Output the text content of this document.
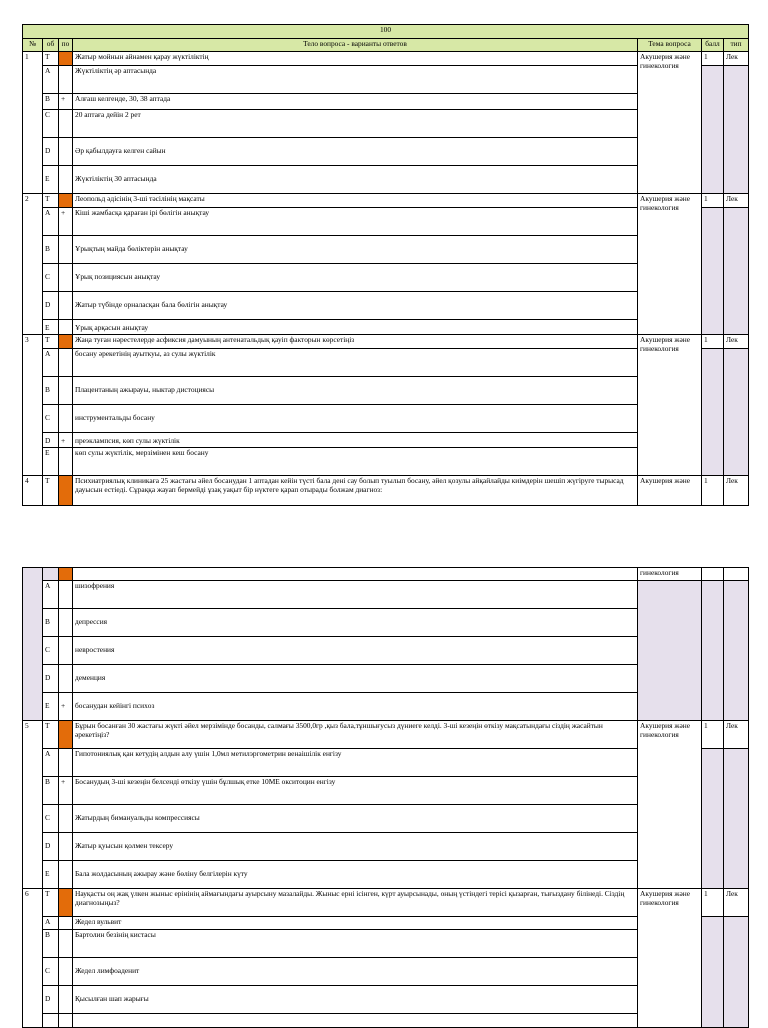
100						
№	об	по	Тело вопроса - варианты ответов	Тема вопроса	балл	тип
1	T		Жатыр мойнын айнамен қарау жүктіліктің	Акушерия және гинекология	1	Лек
	A		Жүктіліктің әр аптасында			
	B	+	Алғаш келгенде, 30, 38 аптада			
	C		20 аптаға дейін 2 рет			
	D		Әр қабылдауға келген сайын			
	E		Жүктіліктің 30 аптасында			
2	T		Леопольд әдісінің 3-ші тәсілінің мақсаты	Акушерия және гинекология	1	Лек
	A	+	Кіші жамбасқа қараған ірі бөлігін анықтау			
	B		Ұрықтың майда бөліктерін анықтау			
	C		Ұрық позициясын анықтау			
	D		Жатыр түбінде орналасқан бала бөлігін анықтау			
	E		Ұрық арқасын анықтау			
3	T		Жаңа туған нәрестелерде асфиксия дамуының антенатальдық қауіп факторын көрсетіңіз	Акушерия және гинекология	1	Лек
	A		босану әрекетінің ауыткуы, аз сулы жүктілік			
	B		Плацентаның ажырауы, ныктар дистоциясы			
	C		инструментальды босану			
	D	+	преэклампсия, көп сулы жүктілік			
	E		көп сулы жүктілік, мерзімінен кеш босану			
4	T		Психиатриялық клиникаға 25 жастағы әйел босанудан 1 аптадан кейін түсті бала дені сау болып туылып босану, әйел қозулы айқайлайды киімдерін шешіп жүгіруге тырысад дауысын естіеді. Сұраққа жауап бермейді ұзақ уақыт бір нүктеге қарап отырады болжам диагноз:	Акушерия және	1	Лек
				гинекология		
	A		шизофрения			
	B		депрессия			
	C		невростения			
	D		деменция			
	E	+	босанудан кейінгі псиxоз			
5	T		Бұрын босанған 30 жастағы жүкті әйел мерзімінде босанды, салмағы 3500,0гр ,қыз бала,тұншығусыз дүниеге келді. 3-ші кезеңін өткізу мақсатындағы сіздің жасайтын әрекетіңіз?	Акушерия және гинекология	1	Лек
	A		Гипотониялық қан кетудің алдын алу үшін 1,0мл метилэргометрин венаішілік енгізу			
	B	+	Босанудың 3-ші кезеңін белсенді өткізу үшін бұлшық етке 10МЕ окситоцин енгізу			
	C		Жатырдың бимануальды компрессиясы			
	D		Жатыр қуысын қолмен тексеру			
	E		Бала жолдасының ажырау және бөліну белгілерін күту			
6	T		Науқасты оң жақ үлкен жыныс ерінінің аймағындағы ауырсыну мазалайды. Жыныс ерні ісінген, күрт ауырсынады, оның үстіндегі терісі қызарған, тығыздану білінеді. Сіздің диагнозыңыз?	Акушерия және гинекология	1	Лек
	A		Жедел вульвит			
	B		Бартолин безінің кистасы			
	C		Жедел лимфоаденит			
	D		Қысылған шап жарығы			
